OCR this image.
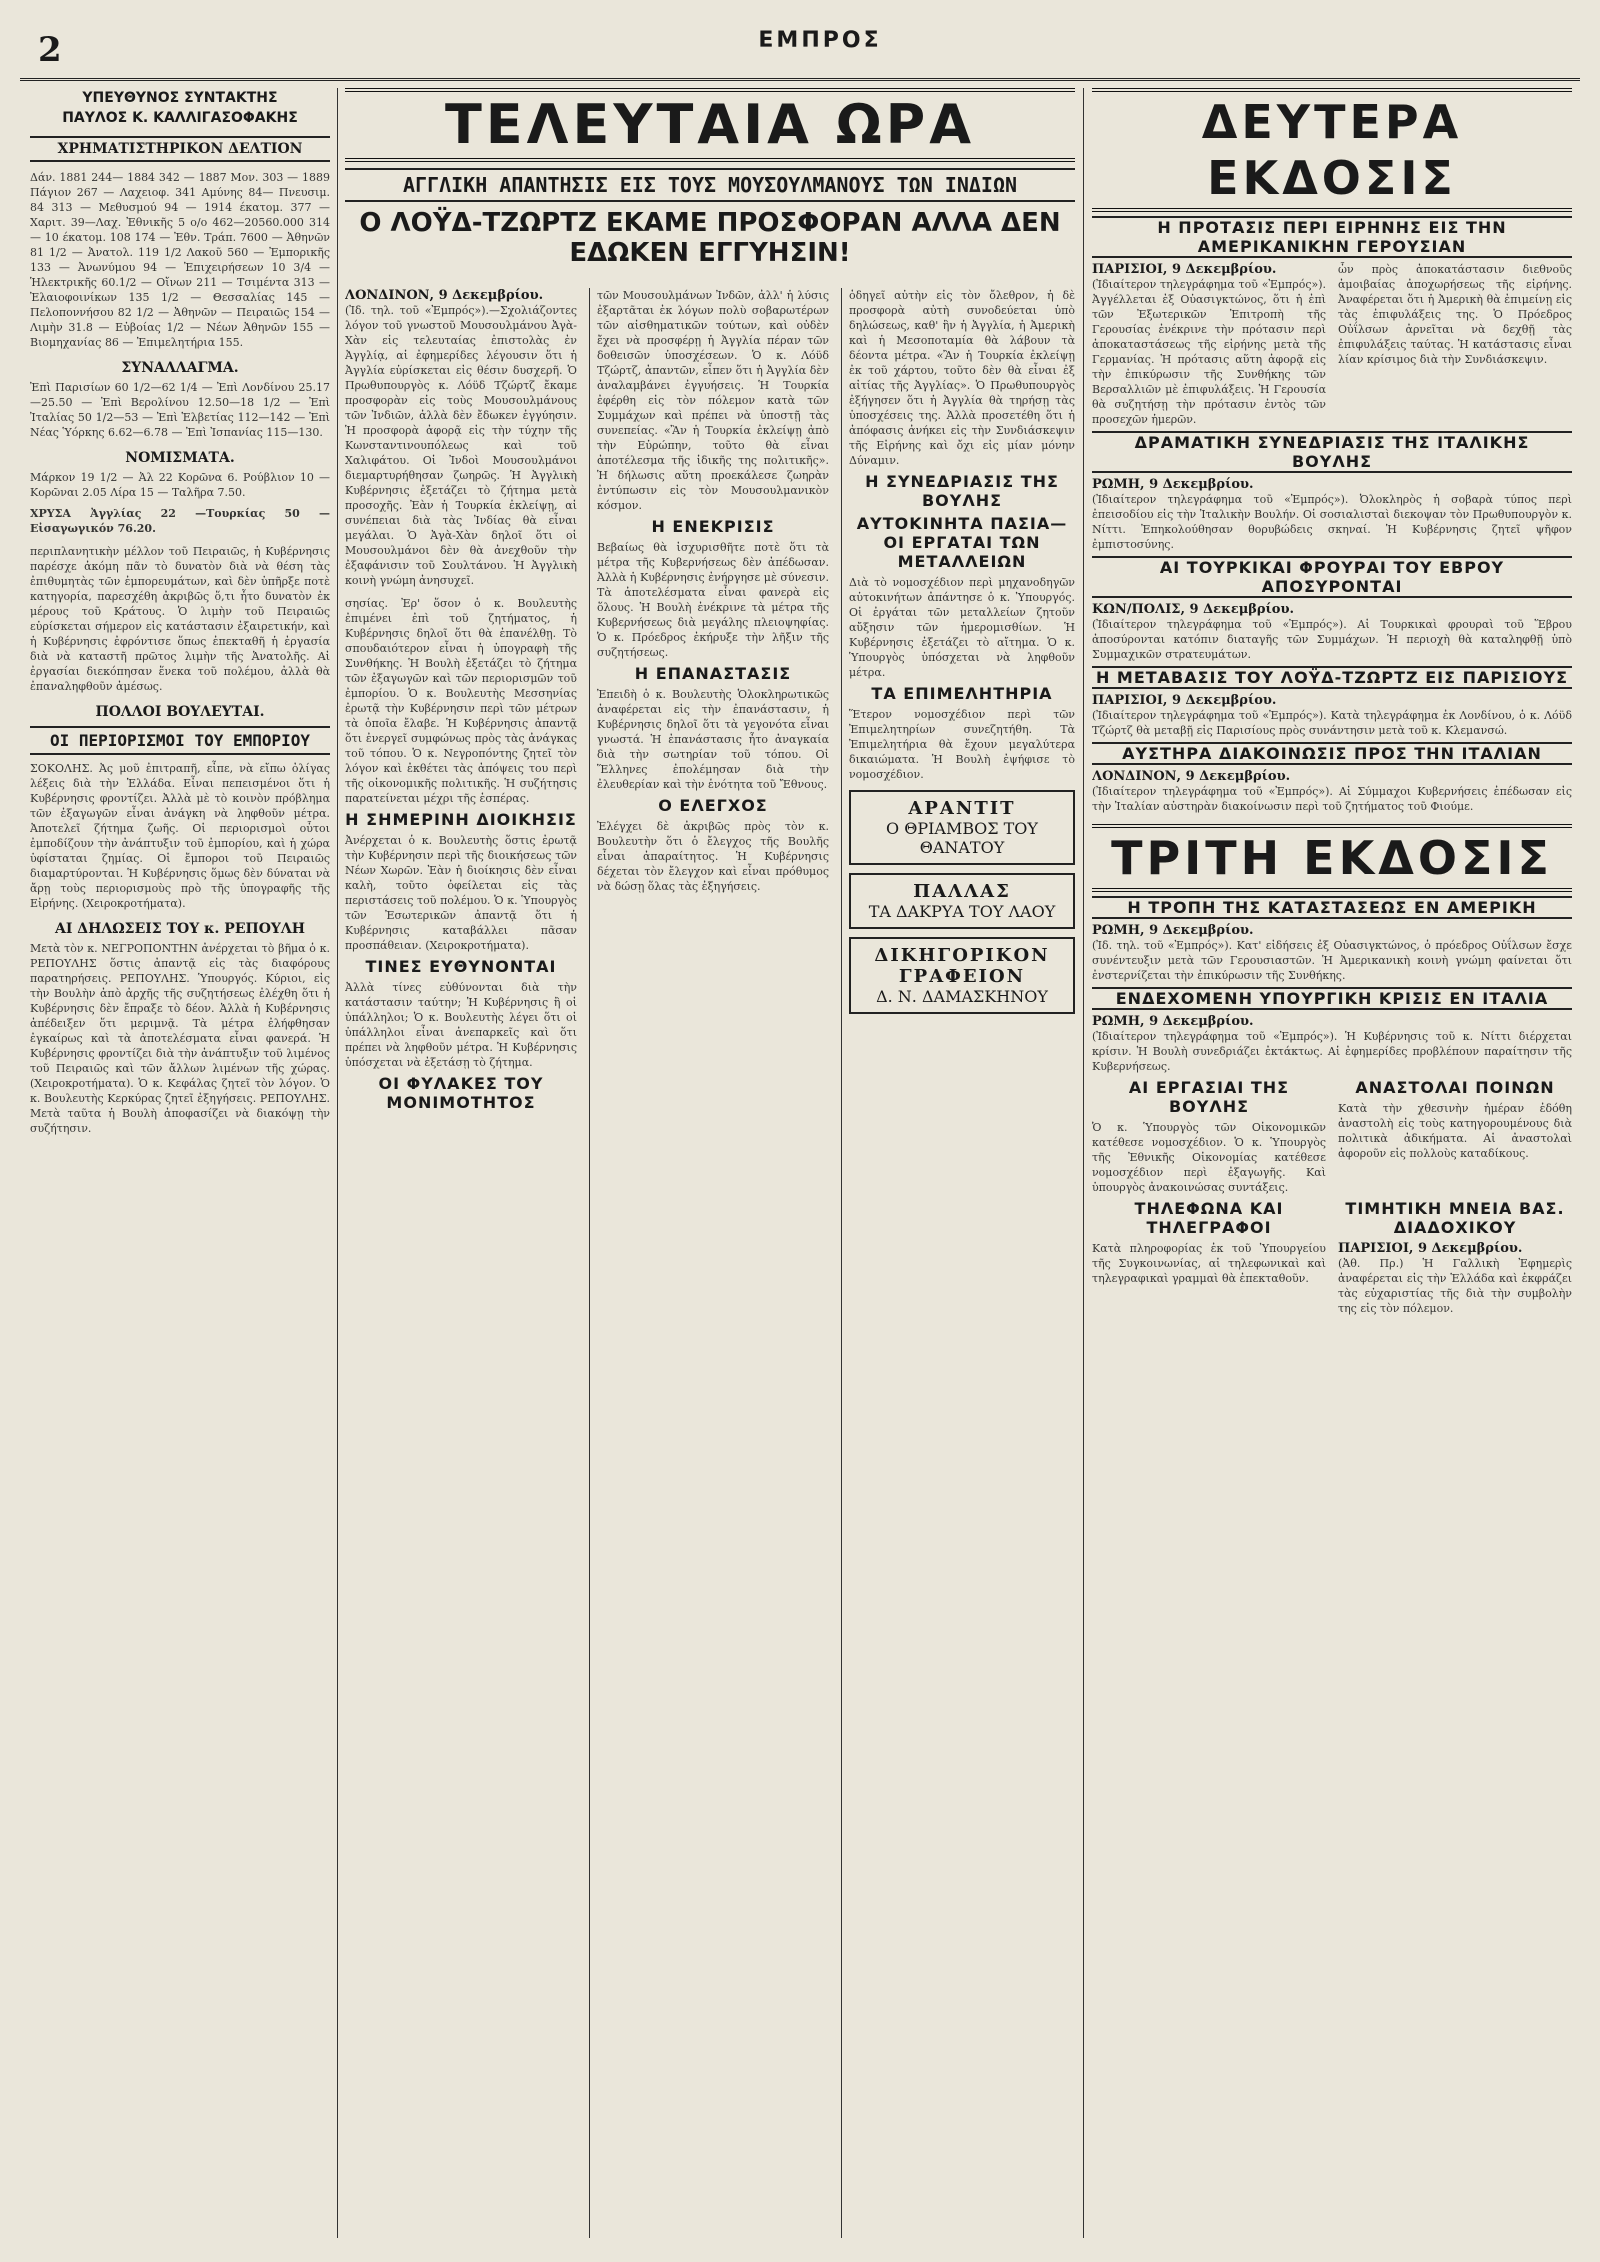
2	ΕΜΠΡΟΣ
ΥΠΕΥΘΥΝΟΣ ΣΥΝΤΑΚΤΗΣ
ΠΑΥΛΟΣ Κ. ΚΑΛΛΙΓΑΣΟΦΑΚΗΣ
ΧΡΗΜΑΤΙΣΤΗΡΙΚΟΝ ΔΕΛΤΙΟΝ

Δάν. 1881 244— 1884 342 — 1887 Μον. 303 — 1889 Πάγιον 267 — Λαχειοφ. 341 Αμύνης 84— Πνευσιμ. 84 313 — Μεθυσμού 94 — 1914 έκατομ. 377 — Χαριτ. 39—Λαχ. Ἐθνικῆς 5 ο/ο 462—20560.000 314 — 10 έκατομ. 108 174 — Ἐθν. Τράπ. 7600 — Ἀθηνῶν 81 1/2 — Ἀνατολ. 119 1/2 Λακοῦ 560 — Ἐμπορικῆς 133 — Ἀνωνύμου 94 — Ἐπιχειρήσεων 10 3/4 — Ἡλεκτρικῆς 60.1/2 — Οἴνων 211 — Τσιμέντα 313 — Ἐλαιοφοινίκων 135 1/2 — Θεσσαλίας 145 — Πελοποννήσου 82 1/2 — Ἀθηνῶν — Πειραιῶς 154 — Λιμὴν 31.8 — Εὐβοίας 1/2 — Νέων Ἀθηνῶν 155 — Βιομηχανίας 86 — Ἐπιμελητήρια 155.

ΣΥΝΑΛΛΑΓΜΑ.

Ἐπὶ Παρισίων 60 1/2—62 1/4 — Ἐπὶ Λονδίνου 25.17—25.50 — Ἐπὶ Βερολίνου 12.50—18 1/2 — Ἐπὶ Ἰταλίας 50 1/2—53 — Ἐπὶ Ἑλβετίας 112—142 — Ἐπὶ Νέας Ὑόρκης 6.62—6.78 — Ἐπὶ Ἰσπανίας 115—130.

ΝΟΜΙΣΜΑΤΑ.

Μάρκον 19 1/2 — Ἀλ 22 Κορῶνα 6. Ρούβλιον 10 — Κορῶναι 2.05 Λίρα 15 — Ταλῆρα 7.50.

ΧΡΥΣΑ Ἀγγλίας 22 —Τουρκίας 50 — Εἰσαγωγικόν 76.20.

περιπλανητικὴν μέλλον τοῦ Πειραιῶς, ἡ Κυβέρνησις παρέσχε ἀκόμη πᾶν τὸ δυνατὸν διὰ νὰ θέση τὰς ἐπιθυμητὰς τῶν ἐμπορευμάτων, καὶ δὲν ὑπῆρξε ποτὲ κατηγορία, παρεσχέθη ἀκριβῶς ὅ,τι ἦτο δυνατὸν ἐκ μέρους τοῦ Κράτους. Ὁ λιμὴν τοῦ Πειραιῶς εὑρίσκεται σήμερον εἰς κατάστασιν ἐξαιρετικήν, καὶ ἡ Κυβέρνησις ἐφρόντισε ὅπως ἐπεκταθῆ ἡ ἐργασία διὰ νὰ καταστῆ πρῶτος λιμὴν τῆς Ἀνατολῆς. Αἱ ἐργασίαι διεκόπησαν ἕνεκα τοῦ πολέμου, ἀλλὰ θὰ ἐπαναληφθοῦν ἀμέσως.

ΠΟΛΛΟΙ ΒΟΥΛΕΥΤΑΙ.
ΟΙ ΠΕΡΙΟΡΙΣΜΟΙ ΤΟΥ ΕΜΠΟΡΙΟΥ

ΣΟΚΟΛΗΣ. Ἀς μοῦ ἐπιτραπῆ, εἶπε, νὰ εἴπω ὀλίγας λέξεις διὰ τὴν Ἑλλάδα. Εἶναι πεπεισμένοι ὅτι ἡ Κυβέρνησις φροντίζει. Ἀλλὰ μὲ τὸ κοινὸν πρόβλημα τῶν ἐξαγωγῶν εἶναι ἀνάγκη νὰ ληφθοῦν μέτρα. Ἀποτελεῖ ζήτημα ζωῆς. Οἱ περιορισμοὶ οὗτοι ἐμποδίζουν τὴν ἀνάπτυξιν τοῦ ἐμπορίου, καὶ ἡ χώρα ὑφίσταται ζημίας. Οἱ ἔμποροι τοῦ Πειραιῶς διαμαρτύρονται. Ἡ Κυβέρνησις ὅμως δὲν δύναται νὰ ἄρῃ τοὺς περιορισμοὺς πρὸ τῆς ὑπογραφῆς τῆς Εἰρήνης. (Χειροκροτήματα).

ΑΙ ΔΗΛΩΣΕΙΣ ΤΟΥ κ. ΡΕΠΟΥΛΗ

Μετὰ τὸν κ. ΝΕΓΡΟΠΟΝΤΗΝ ἀνέρχεται τὸ βῆμα ὁ κ. ΡΕΠΟΥΛΗΣ ὅστις ἀπαντᾷ εἰς τὰς διαφόρους παρατηρήσεις. ΡΕΠΟΥΛΗΣ. Ὑπουργός. Κύριοι, εἰς τὴν Βουλὴν ἀπὸ ἀρχῆς τῆς συζητήσεως ἐλέχθη ὅτι ἡ Κυβέρνησις δὲν ἔπραξε τὸ δέον. Ἀλλὰ ἡ Κυβέρνησις ἀπέδειξεν ὅτι μεριμνᾷ. Τὰ μέτρα ἐλήφθησαν ἐγκαίρως καὶ τὰ ἀποτελέσματα εἶναι φανερά. Ἡ Κυβέρνησις φροντίζει διὰ τὴν ἀνάπτυξιν τοῦ λιμένος τοῦ Πειραιῶς καὶ τῶν ἄλλων λιμένων τῆς χώρας. (Χειροκροτήματα). Ὁ κ. Κεφάλας ζητεῖ τὸν λόγον. Ὁ κ. Βουλευτὴς Κερκύρας ζητεῖ ἐξηγήσεις. ΡΕΠΟΥΛΗΣ. Μετὰ ταῦτα ἡ Βουλὴ ἀποφασίζει νὰ διακόψῃ τὴν συζήτησιν.

ΤΕΛΕΥΤΑΙΑ ΩΡΑ
ΑΓΓΛΙΚΗ ΑΠΑΝΤΗΣΙΣ ΕΙΣ ΤΟΥΣ ΜΟΥΣΟΥΛΜΑΝΟΥΣ ΤΩΝ ΙΝΔΙΩΝ
Ο ΛΟΫΔ-ΤΖΩΡΤΖ ΕΚΑΜΕ ΠΡΟΣΦΟΡΑΝ ΑΛΛΑ ΔΕΝ ΕΔΩΚΕΝ ΕΓΓΥΗΣΙΝ!
ΛΟΝΔΙΝΟΝ, 9 Δεκεμβρίου.

(Ἰδ. τηλ. τοῦ «Ἐμπρός»).—Σχολιάζοντες λόγον τοῦ γνωστοῦ Μουσουλμάνου Ἀγὰ-Χὰν εἰς τελευταίας ἐπιστολὰς ἐν Ἀγγλίᾳ, αἱ ἐφημερίδες λέγουσιν ὅτι ἡ Ἀγγλία εὑρίσκεται εἰς θέσιν δυσχερῆ. Ὁ Πρωθυπουργὸς κ. Λόϋδ Τζώρτζ ἔκαμε προσφορὰν εἰς τοὺς Μουσουλμάνους τῶν Ἰνδιῶν, ἀλλὰ δὲν ἔδωκεν ἐγγύησιν. Ἡ προσφορὰ ἀφορᾷ εἰς τὴν τύχην τῆς Κωνσταντινουπόλεως καὶ τοῦ Χαλιφάτου. Οἱ Ἰνδοὶ Μουσουλμάνοι διεμαρτυρήθησαν ζωηρῶς. Ἡ Ἀγγλικὴ Κυβέρνησις ἐξετάζει τὸ ζήτημα μετὰ προσοχῆς. Ἐὰν ἡ Τουρκία ἐκλείψῃ, αἱ συνέπειαι διὰ τὰς Ἰνδίας θὰ εἶναι μεγάλαι. Ὁ Ἀγὰ-Χὰν δηλοῖ ὅτι οἱ Μουσουλμάνοι δὲν θὰ ἀνεχθοῦν τὴν ἐξαφάνισιν τοῦ Σουλτάνου. Ἡ Ἀγγλικὴ κοινὴ γνώμη ἀνησυχεῖ.

σησίας. Ἐρ' ὅσον ὁ κ. Βουλευτὴς ἐπιμένει ἐπὶ τοῦ ζητήματος, ἡ Κυβέρνησις δηλοῖ ὅτι θὰ ἐπανέλθῃ. Τὸ σπουδαιότερον εἶναι ἡ ὑπογραφὴ τῆς Συνθήκης. Ἡ Βουλὴ ἐξετάζει τὸ ζήτημα τῶν ἐξαγωγῶν καὶ τῶν περιορισμῶν τοῦ ἐμπορίου. Ὁ κ. Βουλευτὴς Μεσσηνίας ἐρωτᾷ τὴν Κυβέρνησιν περὶ τῶν μέτρων τὰ ὁποῖα ἔλαβε. Ἡ Κυβέρνησις ἀπαντᾷ ὅτι ἐνεργεῖ συμφώνως πρὸς τὰς ἀνάγκας τοῦ τόπου. Ὁ κ. Νεγροπόντης ζητεῖ τὸν λόγον καὶ ἐκθέτει τὰς ἀπόψεις του περὶ τῆς οἰκονομικῆς πολιτικῆς. Ἡ συζήτησις παρατείνεται μέχρι τῆς ἑσπέρας.

Η ΣΗΜΕΡΙΝΗ ΔΙΟΙΚΗΣΙΣ

Ἀνέρχεται ὁ κ. Βουλευτὴς ὅστις ἐρωτᾷ τὴν Κυβέρνησιν περὶ τῆς διοικήσεως τῶν Νέων Χωρῶν. Ἐὰν ἡ διοίκησις δὲν εἶναι καλὴ, τοῦτο ὀφείλεται εἰς τὰς περιστάσεις τοῦ πολέμου. Ὁ κ. Ὑπουργὸς τῶν Ἐσωτερικῶν ἀπαντᾷ ὅτι ἡ Κυβέρνησις καταβάλλει πᾶσαν προσπάθειαν. (Χειροκροτήματα).

ΤΙΝΕΣ ΕΥΘΥΝΟΝΤΑΙ

Ἀλλὰ τίνες εὐθύνονται διὰ τὴν κατάστασιν ταύτην; Ἡ Κυβέρνησις ἢ οἱ ὑπάλληλοι; Ὁ κ. Βουλευτὴς λέγει ὅτι οἱ ὑπάλληλοι εἶναι ἀνεπαρκεῖς καὶ ὅτι πρέπει νὰ ληφθοῦν μέτρα. Ἡ Κυβέρνησις ὑπόσχεται νὰ ἐξετάσῃ τὸ ζήτημα.

ΟΙ ΦΥΛΑΚΕΣ ΤΟΥ ΜΟΝΙΜΟΤΗΤΟΣ

τῶν Μουσουλμάνων Ἰνδῶν, ἀλλ' ἡ λύσις ἐξαρτᾶται ἐκ λόγων πολὺ σοβαρωτέρων τῶν αἰσθηματικῶν τούτων, καὶ οὐδὲν ἔχει νὰ προσφέρῃ ἡ Ἀγγλία πέραν τῶν δοθεισῶν ὑποσχέσεων. Ὁ κ. Λόϋδ Τζώρτζ, ἀπαντῶν, εἶπεν ὅτι ἡ Ἀγγλία δὲν ἀναλαμβάνει ἐγγυήσεις. Ἡ Τουρκία ἐφέρθη εἰς τὸν πόλεμον κατὰ τῶν Συμμάχων καὶ πρέπει νὰ ὑποστῇ τὰς συνεπείας. «Ἂν ἡ Τουρκία ἐκλείψῃ ἀπὸ τὴν Εὐρώπην, τοῦτο θὰ εἶναι ἀποτέλεσμα τῆς ἰδικῆς της πολιτικῆς». Ἡ δήλωσις αὕτη προεκάλεσε ζωηρὰν ἐντύπωσιν εἰς τὸν Μουσουλμανικὸν κόσμον.

Η ΕΝΕΚΡΙΣΙΣ

Βεβαίως θὰ ἰσχυρισθῆτε ποτὲ ὅτι τὰ μέτρα τῆς Κυβερνήσεως δὲν ἀπέδωσαν. Ἀλλὰ ἡ Κυβέρνησις ἐνήργησε μὲ σύνεσιν. Τὰ ἀποτελέσματα εἶναι φανερὰ εἰς ὅλους. Ἡ Βουλὴ ἐνέκρινε τὰ μέτρα τῆς Κυβερνήσεως διὰ μεγάλης πλειοψηφίας. Ὁ κ. Πρόεδρος ἐκήρυξε τὴν λῆξιν τῆς συζητήσεως.

Η ΕΠΑΝΑΣΤΑΣΙΣ

Ἐπειδὴ ὁ κ. Βουλευτὴς Ὁλοκληρωτικῶς ἀναφέρεται εἰς τὴν ἐπανάστασιν, ἡ Κυβέρνησις δηλοῖ ὅτι τὰ γεγονότα εἶναι γνωστά. Ἡ ἐπανάστασις ἦτο ἀναγκαία διὰ τὴν σωτηρίαν τοῦ τόπου. Οἱ Ἕλληνες ἐπολέμησαν διὰ τὴν ἐλευθερίαν καὶ τὴν ἑνότητα τοῦ Ἔθνους.

Ο ΕΛΕΓΧΟΣ

Ἐλέγχει δὲ ἀκριβῶς πρὸς τὸν κ. Βουλευτὴν ὅτι ὁ ἔλεγχος τῆς Βουλῆς εἶναι ἀπαραίτητος. Ἡ Κυβέρνησις δέχεται τὸν ἔλεγχον καὶ εἶναι πρόθυμος νὰ δώσῃ ὅλας τὰς ἐξηγήσεις.

ὁδηγεῖ αὐτὴν εἰς τὸν ὄλεθρον, ἡ δὲ προσφορὰ αὐτὴ συνοδεύεται ὑπὸ δηλώσεως, καθ' ἣν ἡ Ἀγγλία, ἡ Ἀμερικὴ καὶ ἡ Μεσοποταμία θὰ λάβουν τὰ δέοντα μέτρα. «Ἂν ἡ Τουρκία ἐκλείψῃ ἐκ τοῦ χάρτου, τοῦτο δὲν θὰ εἶναι ἐξ αἰτίας τῆς Ἀγγλίας». Ὁ Πρωθυπουργὸς ἐξήγησεν ὅτι ἡ Ἀγγλία θὰ τηρήσῃ τὰς ὑποσχέσεις της. Ἀλλὰ προσετέθη ὅτι ἡ ἀπόφασις ἀνήκει εἰς τὴν Συνδιάσκεψιν τῆς Εἰρήνης καὶ ὄχι εἰς μίαν μόνην Δύναμιν.

Η ΣΥΝΕΔΡΙΑΣΙΣ ΤΗΣ ΒΟΥΛΗΣ
ΑΥΤΟΚΙΝΗΤΑ ΠΑΣΙΑ—ΟΙ ΕΡΓΑΤΑΙ ΤΩΝ ΜΕΤΑΛΛΕΙΩΝ

Διὰ τὸ νομοσχέδιον περὶ μηχανοδηγῶν αὐτοκινήτων ἀπάντησε ὁ κ. Ὑπουργός. Οἱ ἐργάται τῶν μεταλλείων ζητοῦν αὔξησιν τῶν ἡμερομισθίων. Ἡ Κυβέρνησις ἐξετάζει τὸ αἴτημα. Ὁ κ. Ὑπουργὸς ὑπόσχεται νὰ ληφθοῦν μέτρα.

ΤΑ ΕΠΙΜΕΛΗΤΗΡΙΑ

Ἕτερον νομοσχέδιον περὶ τῶν Ἐπιμελητηρίων συνεζητήθη. Τὰ Ἐπιμελητήρια θὰ ἔχουν μεγαλύτερα δικαιώματα. Ἡ Βουλὴ ἐψήφισε τὸ νομοσχέδιον.

ΑΡΑΝΤΙΤ
Ο ΘΡΙΑΜΒΟΣ ΤΟΥ ΘΑΝΑΤΟΥ
ΠΑΛΛΑΣ
ΤΑ ΔΑΚΡΥΑ ΤΟΥ ΛΑΟΥ
ΔΙΚΗΓΟΡΙΚΟΝ ΓΡΑΦΕΙΟΝ
Δ. Ν. ΔΑΜΑΣΚΗΝΟΥ
ΔΕΥΤΕΡΑ ΕΚΔΟΣΙΣ
Η ΠΡΟΤΑΣΙΣ ΠΕΡΙ ΕΙΡΗΝΗΣ ΕΙΣ ΤΗΝ ΑΜΕΡΙΚΑΝΙΚΗΝ ΓΕΡΟΥΣΙΑΝ
ΠΑΡΙΣΙΟΙ, 9 Δεκεμβρίου.

(Ἰδιαίτερον τηλεγράφημα τοῦ «Ἐμπρός»). Ἀγγέλλεται ἐξ Οὐασιγκτώνος, ὅτι ἡ ἐπὶ τῶν Ἐξωτερικῶν Ἐπιτροπὴ τῆς Γερουσίας ἐνέκρινε τὴν πρότασιν περὶ ἀποκαταστάσεως τῆς εἰρήνης μετὰ τῆς Γερμανίας. Ἡ πρότασις αὕτη ἀφορᾷ εἰς τὴν ἐπικύρωσιν τῆς Συνθήκης τῶν Βερσαλλιῶν μὲ ἐπιφυλάξεις. Ἡ Γερουσία θὰ συζητήσῃ τὴν πρότασιν ἐντὸς τῶν προσεχῶν ἡμερῶν.

ὧν πρὸς ἀποκατάστασιν διεθνοῦς ἀμοιβαίας ἀποχωρήσεως τῆς εἰρήνης. Ἀναφέρεται ὅτι ἡ Ἀμερικὴ θὰ ἐπιμείνῃ εἰς τὰς ἐπιφυλάξεις της. Ὁ Πρόεδρος Οὐΐλσων ἀρνεῖται νὰ δεχθῇ τὰς ἐπιφυλάξεις ταύτας. Ἡ κατάστασις εἶναι λίαν κρίσιμος διὰ τὴν Συνδιάσκεψιν.

ΔΡΑΜΑΤΙΚΗ ΣΥΝΕΔΡΙΑΣΙΣ ΤΗΣ ΙΤΑΛΙΚΗΣ ΒΟΥΛΗΣ
ΡΩΜΗ, 9 Δεκεμβρίου.

(Ἰδιαίτερον τηλεγράφημα τοῦ «Ἐμπρός»). Ὀλοκληρὸς ἡ σοβαρὰ τύπος περὶ ἐπεισοδίου εἰς τὴν Ἰταλικὴν Βουλήν. Οἱ σοσιαλισταὶ διεκοψαν τὸν Πρωθυπουργὸν κ. Νίττι. Ἐπηκολούθησαν θορυβώδεις σκηναί. Ἡ Κυβέρνησις ζητεῖ ψῆφον ἐμπιστοσύνης.

ΑΙ ΤΟΥΡΚΙΚΑΙ ΦΡΟΥΡΑΙ ΤΟΥ ΕΒΡΟΥ ΑΠΟΣΥΡΟΝΤΑΙ
ΚΩΝ/ΠΟΛΙΣ, 9 Δεκεμβρίου.

(Ἰδιαίτερον τηλεγράφημα τοῦ «Ἐμπρός»). Αἱ Τουρκικαὶ φρουραὶ τοῦ Ἕβρου ἀποσύρονται κατόπιν διαταγῆς τῶν Συμμάχων. Ἡ περιοχὴ θὰ καταληφθῇ ὑπὸ Συμμαχικῶν στρατευμάτων.

Η ΜΕΤΑΒΑΣΙΣ ΤΟΥ ΛΟΫΔ-ΤΖΩΡΤΖ ΕΙΣ ΠΑΡΙΣΙΟΥΣ
ΠΑΡΙΣΙΟΙ, 9 Δεκεμβρίου.

(Ἰδιαίτερον τηλεγράφημα τοῦ «Ἐμπρός»). Κατὰ τηλεγράφημα ἐκ Λονδίνου, ὁ κ. Λόϋδ Τζώρτζ θὰ μεταβῇ εἰς Παρισίους πρὸς συνάντησιν μετὰ τοῦ κ. Κλεμανσώ.

ΑΥΣΤΗΡΑ ΔΙΑΚΟΙΝΩΣΙΣ ΠΡΟΣ ΤΗΝ ΙΤΑΛΙΑΝ
ΛΟΝΔΙΝΟΝ, 9 Δεκεμβρίου.

(Ἰδιαίτερον τηλεγράφημα τοῦ «Ἐμπρός»). Αἱ Σύμμαχοι Κυβερνήσεις ἐπέδωσαν εἰς τὴν Ἰταλίαν αὐστηρὰν διακοίνωσιν περὶ τοῦ ζητήματος τοῦ Φιούμε.

ΤΡΙΤΗ ΕΚΔΟΣΙΣ
Η ΤΡΟΠΗ ΤΗΣ ΚΑΤΑΣΤΑΣΕΩΣ ΕΝ ΑΜΕΡΙΚΗ
ΡΩΜΗ, 9 Δεκεμβρίου.

(Ἰδ. τηλ. τοῦ «Ἐμπρός»). Κατ' εἰδήσεις ἐξ Οὐασιγκτώνος, ὁ πρόεδρος Οὐΐλσων ἔσχε συνέντευξιν μετὰ τῶν Γερουσιαστῶν. Ἡ Ἀμερικανικὴ κοινὴ γνώμη φαίνεται ὅτι ἐνστερνίζεται τὴν ἐπικύρωσιν τῆς Συνθήκης.

ΕΝΔΕΧΟΜΕΝΗ ΥΠΟΥΡΓΙΚΗ ΚΡΙΣΙΣ ΕΝ ΙΤΑΛΙΑ
ΡΩΜΗ, 9 Δεκεμβρίου.

(Ἰδιαίτερον τηλεγράφημα τοῦ «Ἐμπρός»). Ἡ Κυβέρνησις τοῦ κ. Νίττι διέρχεται κρίσιν. Ἡ Βουλὴ συνεδριάζει ἐκτάκτως. Αἱ ἐφημερίδες προβλέπουν παραίτησιν τῆς Κυβερνήσεως.

ΑΙ ΕΡΓΑΣΙΑΙ ΤΗΣ ΒΟΥΛΗΣ

Ὁ κ. Ὑπουργὸς τῶν Οἰκονομικῶν κατέθεσε νομοσχέδιον. Ὁ κ. Ὑπουργὸς τῆς Ἐθνικῆς Οἰκονομίας κατέθεσε νομοσχέδιον περὶ ἐξαγωγῆς. Καὶ ὑπουργὸς ἀνακοινώσας συντάξεις.

ΑΝΑΣΤΟΛΑΙ ΠΟΙΝΩΝ

Κατὰ τὴν χθεσινὴν ἡμέραν ἐδόθη ἀναστολὴ εἰς τοὺς κατηγορουμένους διὰ πολιτικὰ ἀδικήματα. Αἱ ἀναστολαὶ ἀφοροῦν εἰς πολλοὺς καταδίκους.

ΤΗΛΕΦΩΝΑ ΚΑΙ ΤΗΛΕΓΡΑΦΟΙ

Κατὰ πληροφορίας ἐκ τοῦ Ὑπουργείου τῆς Συγκοινωνίας, αἱ τηλεφωνικαὶ καὶ τηλεγραφικαὶ γραμμαὶ θὰ ἐπεκταθοῦν.

ΤΙΜΗΤΙΚΗ ΜΝΕΙΑ ΒΑΣ. ΔΙΑΔΟΧΙΚΟΥ
ΠΑΡΙΣΙΟΙ, 9 Δεκεμβρίου.

(Ἀθ. Πρ.) Ἡ Γαλλικὴ Ἐφημερὶς ἀναφέρεται εἰς τὴν Ἑλλάδα καὶ ἐκφράζει τὰς εὐχαριστίας τῆς διὰ τὴν συμβολὴν της εἰς τὸν πόλεμον.
